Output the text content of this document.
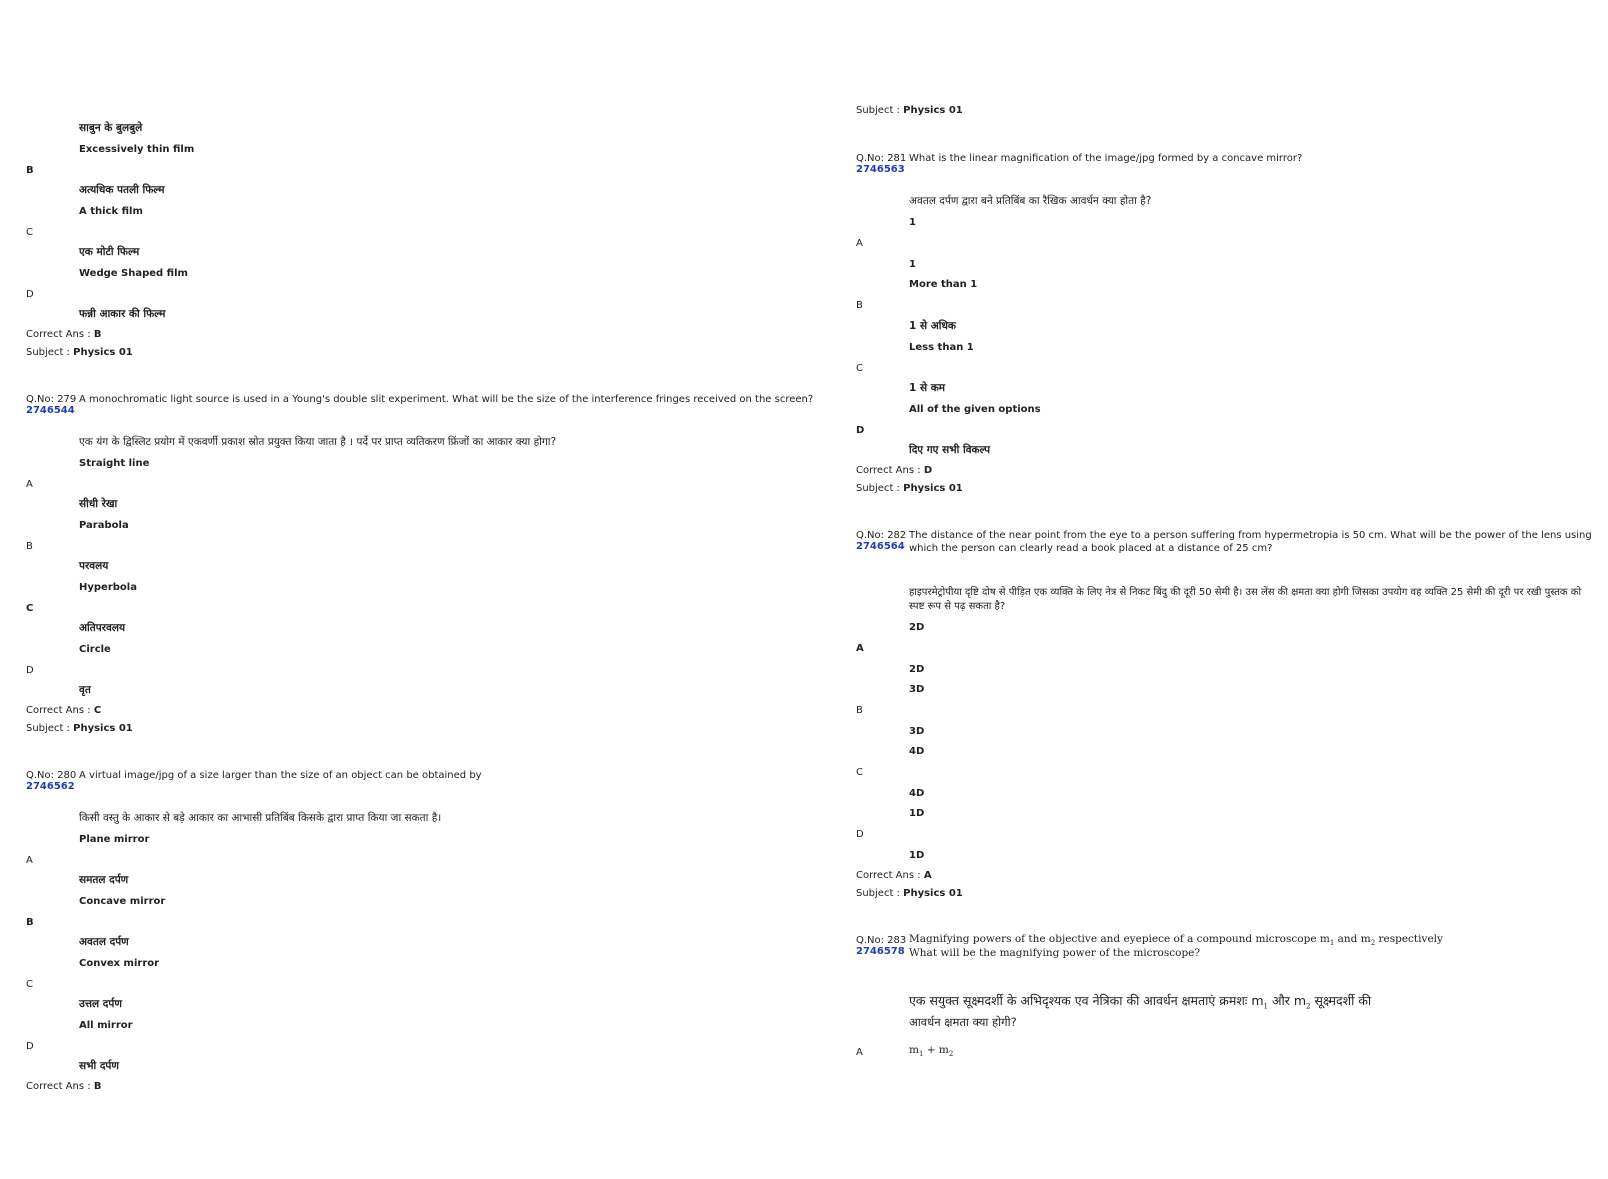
साबुन के बुलबुले
Excessively thin film
B
अत्यधिक पतली फिल्म
A thick film
C
एक मोटी फिल्म
Wedge Shaped film
D
फन्नी आकार की फिल्म
Correct Ans : B
Subject : Physics 01
Q.No: 279 A monochromatic light source is used in a Young's double slit experiment. What will be the size of the interference fringes received on the screen?
2746544
एक यंग के द्विस्लिट प्रयोग में एकवर्णी प्रकाश स्रोत प्रयुक्त किया जाता है । पर्दे पर प्राप्त व्यतिकरण फ्रिंजों का आकार क्या होगा?
Straight line
A
सीधी रेखा
Parabola
B
परवलय
Hyperbola
C
अतिपरवलय
Circle
D
वृत
Correct Ans : C
Subject : Physics 01
Q.No: 280 A virtual image/jpg of a size larger than the size of an object can be obtained by
2746562
किसी वस्तु के आकार से बड़े आकार का आभासी प्रतिबिंब किसके द्वारा प्राप्त किया जा सकता है।
Plane mirror
A
समतल दर्पण
Concave mirror
B
अवतल दर्पण
Convex mirror
C
उत्तल दर्पण
All mirror
D
सभी दर्पण
Correct Ans : B
Subject : Physics 01
Q.No: 281 What is the linear magnification of the image/jpg formed by a concave mirror?
2746563
अवतल दर्पण द्वारा बने प्रतिबिंब का रैखिक आवर्धन क्या होता है?
1
A
1
More than 1
B
1 से अधिक
Less than 1
C
1 से कम
All of the given options
D
दिए गए सभी विकल्प
Correct Ans : D
Subject : Physics 01
Q.No: 282 The distance of the near point from the eye to a person suffering from hypermetropia is 50 cm. What will be the power of the lens using which the person can clearly read a book placed at a distance of 25 cm?
2746564
हाइपरमेट्रोपीया दृष्टि दोष से पीड़ित एक व्यक्ति के लिए नेत्र से निकट बिंदु की दूरी 50 सेमी है। उस लेंस की क्षमता क्या होगी जिसका उपयोग वह व्यक्ति 25 सेमी की दूरी पर रखी पुस्तक को स्पष्ट रूप से पढ़ सकता है?
2D
A
2D
3D
B
3D
4D
C
4D
1D
D
1D
Correct Ans : A
Subject : Physics 01
Q.No: 283 Magnifying powers of the objective and eyepiece of a compound microscope $m_1$ and $m_2$ respectively
What will be the magnifying power of the microscope?
2746578
एक सयुक्त सूक्ष्मदर्शी के अभिदृश्यक एव नेत्रिका की आवर्धन क्षमताएं क्रमशः $m_1$ और $m_2$ सूक्ष्मदर्शी की
आवर्धन क्षमता क्या होगी?
A	$m_1 + m_2$
